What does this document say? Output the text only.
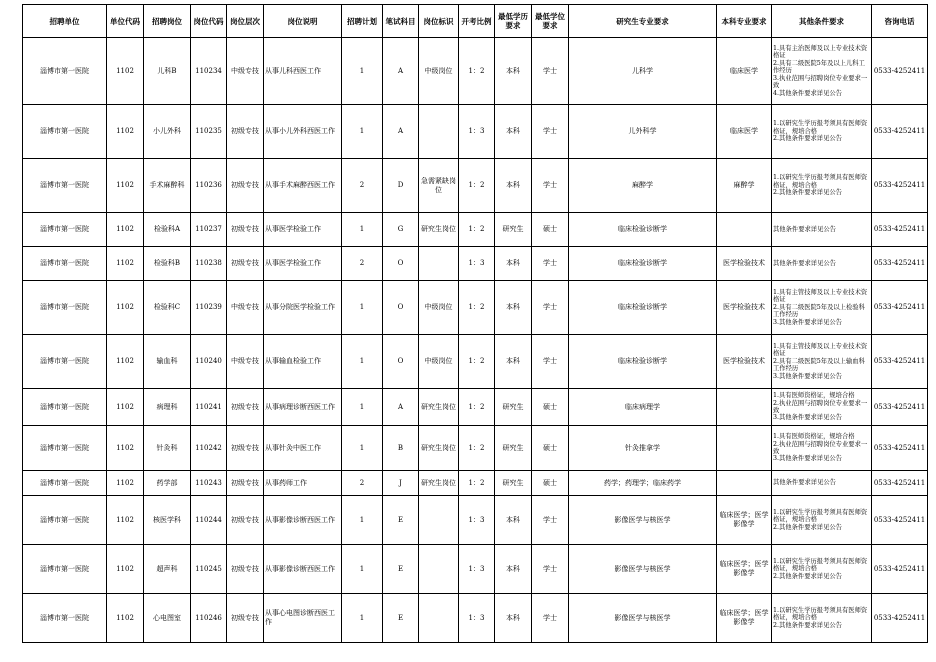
招聘单位	单位代码	招聘岗位	岗位代码	岗位层次	岗位说明	招聘计划	笔试科目	岗位标识	开考比例	最低学历要求	最低学位要求	研究生专业要求	本科专业要求	其他条件要求	咨询电话
淄博市第一医院	1102	儿科B	110234	中级专技	从事儿科西医工作	1	A	中级岗位	1：2	本科	学士	儿科学	临床医学	1.具有主治医师及以上专业技术资格证
2.具有二级医院5年及以上儿科工作经历
3.执业范围与招聘岗位专业要求一致
4.其他条件要求详见公告	0533-4252411
淄博市第一医院	1102	小儿外科	110235	初级专技	从事小儿外科西医工作	1	A		1：3	本科	学士	儿外科学	临床医学	1.以研究生学历报考须具有医师资格证，规培合格
2.其他条件要求详见公告	0533-4252411
淄博市第一医院	1102	手术麻醉科	110236	初级专技	从事手术麻醉西医工作	2	D	急需紧缺岗位	1：2	本科	学士	麻醉学	麻醉学	1.以研究生学历报考须具有医师资格证，规培合格
2.其他条件要求详见公告	0533-4252411
淄博市第一医院	1102	检验科A	110237	初级专技	从事医学检验工作	1	G	研究生岗位	1：2	研究生	硕士	临床检验诊断学		其他条件要求详见公告	0533-4252411
淄博市第一医院	1102	检验科B	110238	初级专技	从事医学检验工作	2	O		1：3	本科	学士	临床检验诊断学	医学检验技术	其他条件要求详见公告	0533-4252411
淄博市第一医院	1102	检验科C	110239	中级专技	从事分院医学检验工作	1	O	中级岗位	1：2	本科	学士	临床检验诊断学	医学检验技术	1.具有主管技师及以上专业技术资格证
2.具有二级医院5年及以上检验科工作经历
3.其他条件要求详见公告	0533-4252411
淄博市第一医院	1102	输血科	110240	中级专技	从事输血检验工作	1	O	中级岗位	1：2	本科	学士	临床检验诊断学	医学检验技术	1.具有主管技师及以上专业技术资格证
2.具有二级医院5年及以上输血科工作经历
3.其他条件要求详见公告	0533-4252411
淄博市第一医院	1102	病理科	110241	初级专技	从事病理诊断西医工作	1	A	研究生岗位	1：2	研究生	硕士	临床病理学		1.具有医师资格证，规培合格
2.执业范围与招聘岗位专业要求一致
3.其他条件要求详见公告	0533-4252411
淄博市第一医院	1102	针灸科	110242	初级专技	从事针灸中医工作	1	B	研究生岗位	1：2	研究生	硕士	针灸推拿学		1.具有医师资格证，规培合格
2.执业范围与招聘岗位专业要求一致
3.其他条件要求详见公告	0533-4252411
淄博市第一医院	1102	药学部	110243	初级专技	从事药师工作	2	J	研究生岗位	1：2	研究生	硕士	药学；药理学；临床药学		其他条件要求详见公告	0533-4252411
淄博市第一医院	1102	核医学科	110244	初级专技	从事影像诊断西医工作	1	E		1：3	本科	学士	影像医学与核医学	临床医学；医学影像学	1.以研究生学历报考须具有医师资格证，规培合格
2.其他条件要求详见公告	0533-4252411
淄博市第一医院	1102	超声科	110245	初级专技	从事影像诊断西医工作	1	E		1：3	本科	学士	影像医学与核医学	临床医学；医学影像学	1.以研究生学历报考须具有医师资格证，规培合格
2.其他条件要求详见公告	0533-4252411
淄博市第一医院	1102	心电图室	110246	初级专技	从事心电图诊断西医工作	1	E		1：3	本科	学士	影像医学与核医学	临床医学；医学影像学	1.以研究生学历报考须具有医师资格证，规培合格
2.其他条件要求详见公告	0533-4252411
